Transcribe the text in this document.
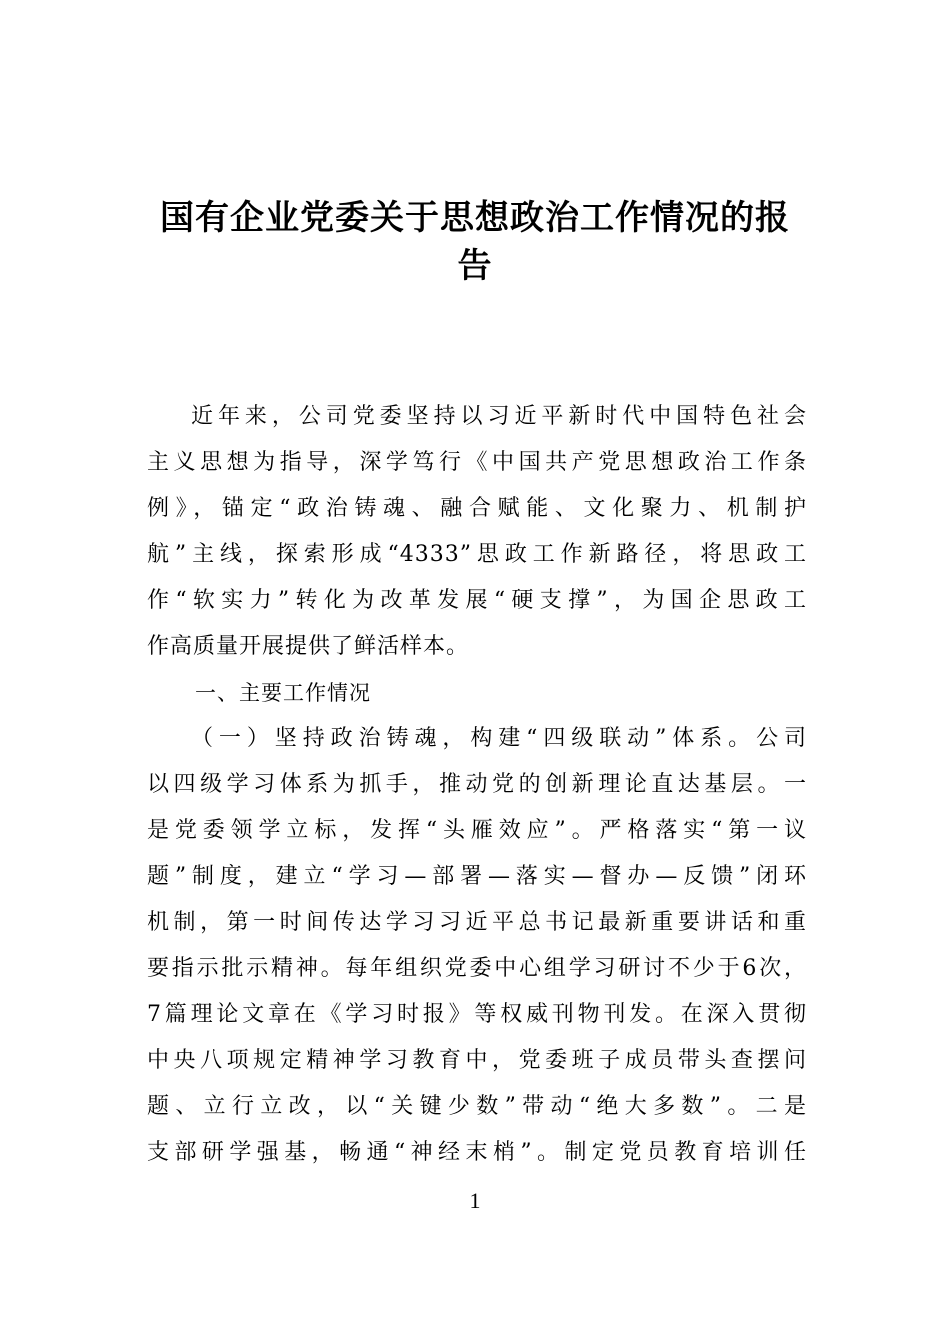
国有企业党委关于思想政治工作情况的报
告
近年来，公司党委坚持以习近平新时代中国特色社会
主义思想为指导，深学笃行《中国共产党思想政治工作条
例》，锚定“政治铸魂、融合赋能、文化聚力、机制护
航”主线，探索形成“4333”思政工作新路径，将思政工
作“软实力”转化为改革发展“硬支撑”，为国企思政工
作高质量开展提供了鲜活样本。
一、主要工作情况
（一）坚持政治铸魂，构建“四级联动”体系。公司
以四级学习体系为抓手，推动党的创新理论直达基层。一
是党委领学立标，发挥“头雁效应”。严格落实“第一议
题”制度，建立“学习—部署—落实—督办—反馈”闭环
机制，第一时间传达学习习近平总书记最新重要讲话和重
要指示批示精神。每年组织党委中心组学习研讨不少于6次，
7篇理论文章在《学习时报》等权威刊物刊发。在深入贯彻
中央八项规定精神学习教育中，党委班子成员带头查摆问
题、立行立改，以“关键少数”带动“绝大多数”。二是
支部研学强基，畅通“神经末梢”。制定党员教育培训任
1
